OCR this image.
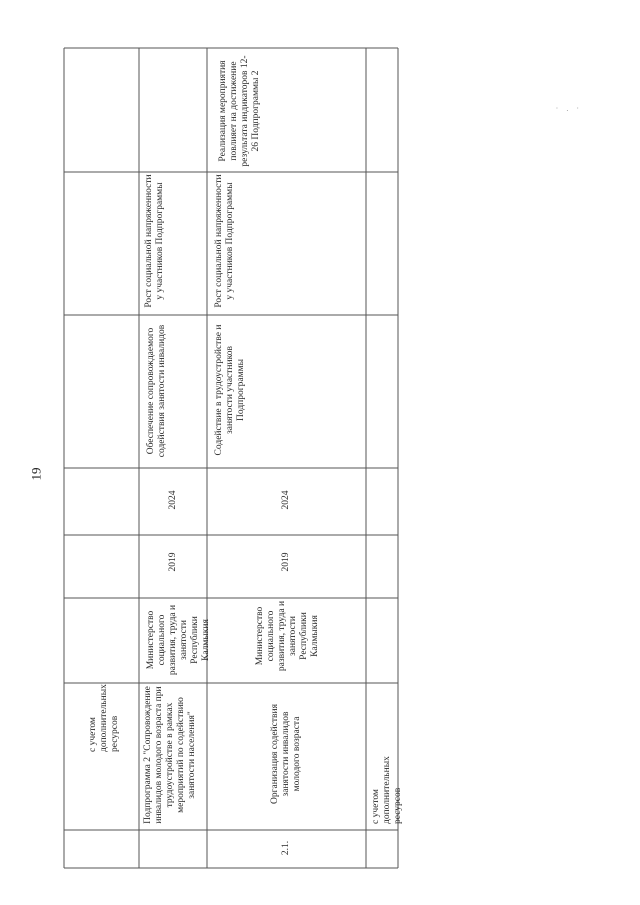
19
с учетом дополнительных ресурсов Подпрограмма 2 "Сопровождение инвалидов молодого возраста при трудоустройстве в рамках мероприятий по содействию занятости населения"
Министерство социального развития, труда и занятости Республики Калмыкия
2019
2024
Обеспечение сопровождаемого содействия занятости инвалидов
Рост социальной напряженности у участников Подпрограммы
2.1.
Организация содействия занятости инвалидов молодого возраста
Министерство социального развития, труда и занятости Республики Калмыкия
2019
2024
Содействие в трудоустройстве и занятости участников Подпрограммы
Рост социальной напряженности у участников Подпрограммы
Реализация мероприятия повлияет на достижение результата индикаторов 12-26 Подпрограммы 2
с учетом дополнительных ресурсов
· . ·
